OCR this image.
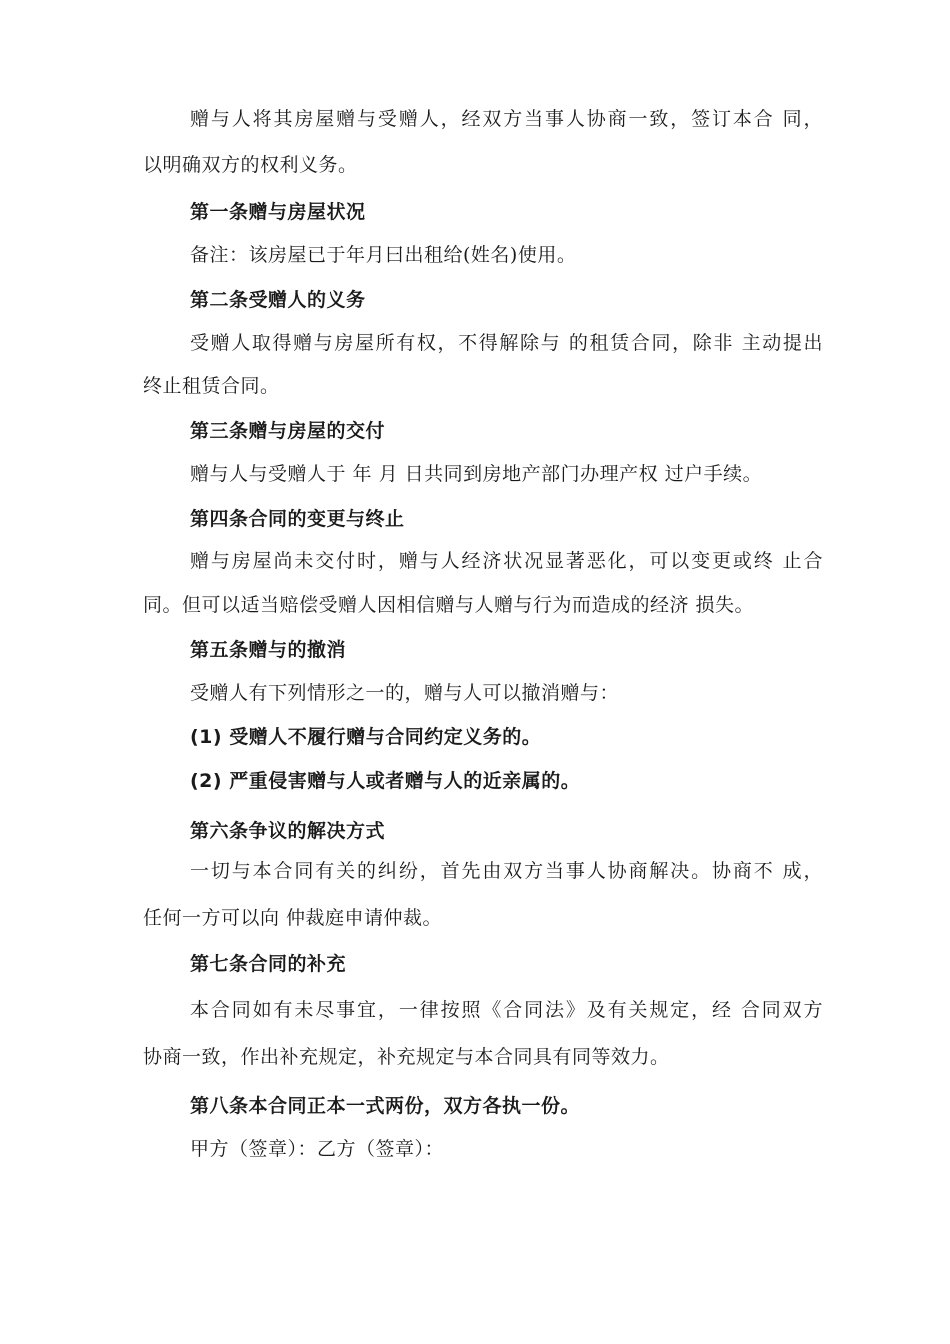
赠与人将其房屋赠与受赠人，经双方当事人协商一致，签订本合 同，
以明确双方的权利义务。
第一条赠与房屋状况
备注：该房屋已于年月曰出租给(姓名)使用。
第二条受赠人的义务
受赠人取得赠与房屋所有权，不得解除与 的租赁合同，除非 主动提出
终止租赁合同。
第三条赠与房屋的交付
赠与人与受赠人于 年 月 日共同到房地产部门办理产权 过户手续。
第四条合同的变更与终止
赠与房屋尚未交付时，赠与人经济状况显著恶化，可以变更或终 止合
同。但可以适当赔偿受赠人因相信赠与人赠与行为而造成的经济 损失。
第五条赠与的撤消
受赠人有下列情形之一的，赠与人可以撤消赠与：
(1) 受赠人不履行赠与合同约定义务的。
(2) 严重侵害赠与人或者赠与人的近亲属的。
第六条争议的解决方式
一切与本合同有关的纠纷，首先由双方当事人协商解决。协商不 成，
任何一方可以向 仲裁庭申请仲裁。
第七条合同的补充
本合同如有未尽事宜，一律按照《合同法》及有关规定，经 合同双方
协商一致，作出补充规定，补充规定与本合同具有同等效力。
第八条本合同正本一式两份，双方各执一份。
甲方（签章）：乙方（签章）：
